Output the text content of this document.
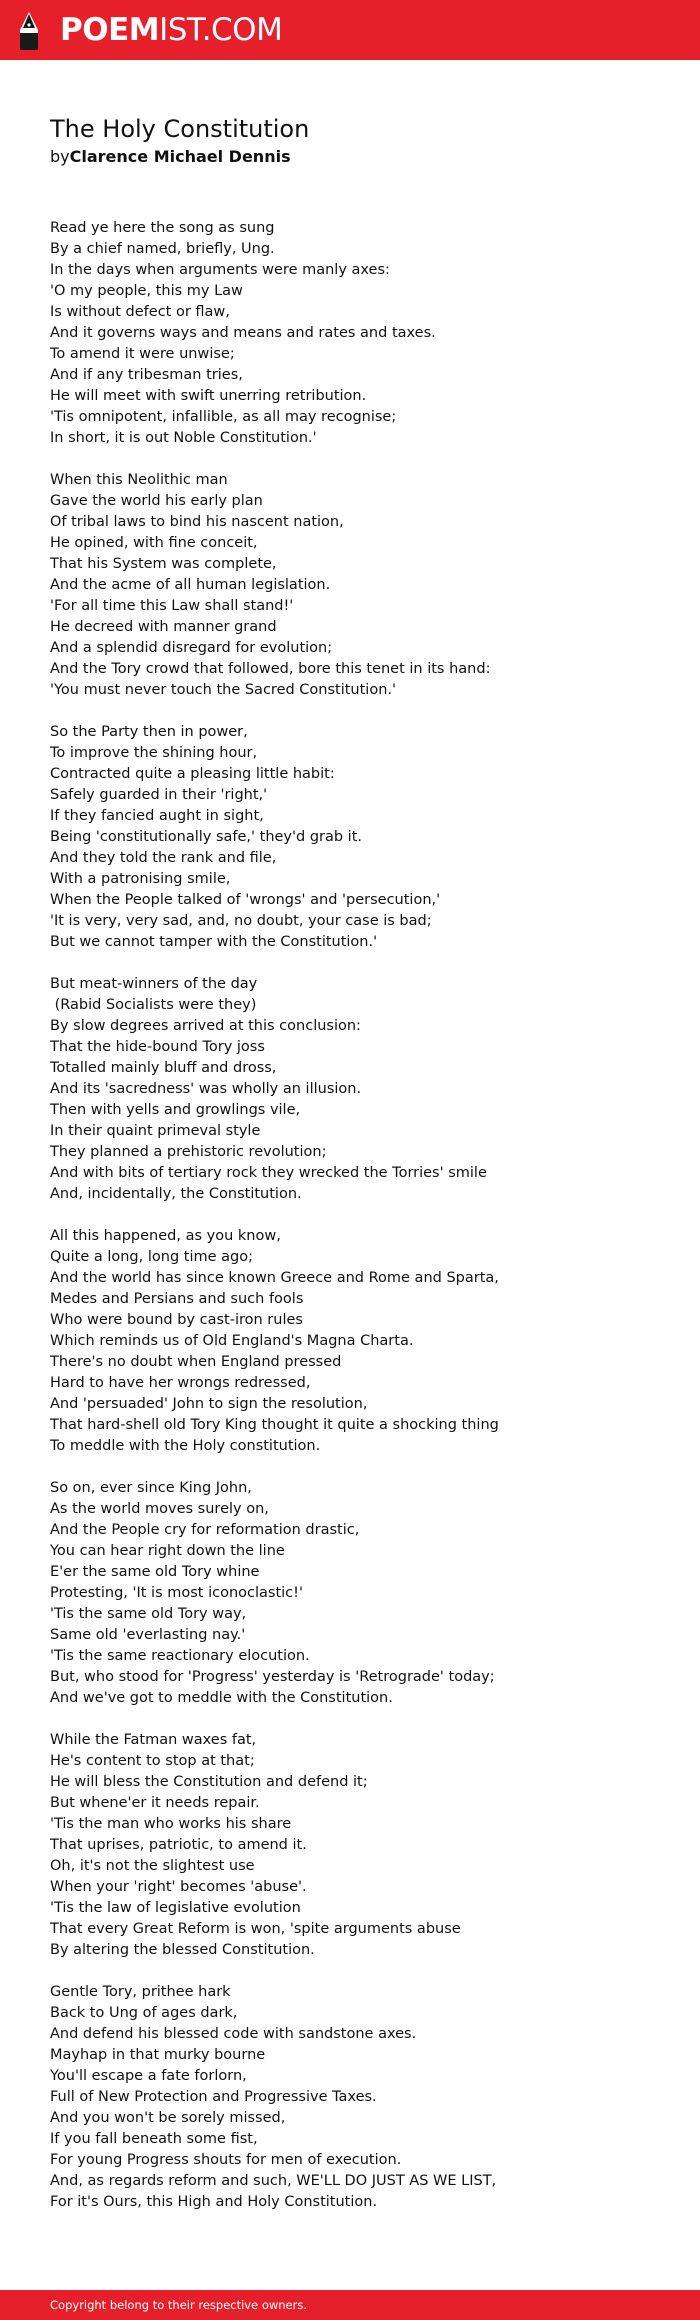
POEMIST.COM
The Holy Constitution
byClarence Michael Dennis
Read ye here the song as sung
By a chief named, briefly, Ung.
In the days when arguments were manly axes:
'O my people, this my Law
Is without defect or flaw,
And it governs ways and means and rates and taxes.
To amend it were unwise;
And if any tribesman tries,
He will meet with swift unerring retribution.
'Tis omnipotent, infallible, as all may recognise;
In short, it is out Noble Constitution.'
When this Neolithic man
Gave the world his early plan
Of tribal laws to bind his nascent nation,
He opined, with fine conceit,
That his System was complete,
And the acme of all human legislation.
'For all time this Law shall stand!'
He decreed with manner grand
And a splendid disregard for evolution;
And the Tory crowd that followed, bore this tenet in its hand:
'You must never touch the Sacred Constitution.'
So the Party then in power,
To improve the shining hour,
Contracted quite a pleasing little habit:
Safely guarded in their 'right,'
If they fancied aught in sight,
Being 'constitutionally safe,' they'd grab it.
And they told the rank and file,
With a patronising smile,
When the People talked of 'wrongs' and 'persecution,'
'It is very, very sad, and, no doubt, your case is bad;
But we cannot tamper with the Constitution.'
But meat-winners of the day
(Rabid Socialists were they)
By slow degrees arrived at this conclusion:
That the hide-bound Tory joss
Totalled mainly bluff and dross,
And its 'sacredness' was wholly an illusion.
Then with yells and growlings vile,
In their quaint primeval style
They planned a prehistoric revolution;
And with bits of tertiary rock they wrecked the Torries' smile
And, incidentally, the Constitution.
All this happened, as you know,
Quite a long, long time ago;
And the world has since known Greece and Rome and Sparta,
Medes and Persians and such fools
Who were bound by cast-iron rules
Which reminds us of Old England's Magna Charta.
There's no doubt when England pressed
Hard to have her wrongs redressed,
And 'persuaded' John to sign the resolution,
That hard-shell old Tory King thought it quite a shocking thing
To meddle with the Holy constitution.
So on, ever since King John,
As the world moves surely on,
And the People cry for reformation drastic,
You can hear right down the line
E'er the same old Tory whine
Protesting, 'It is most iconoclastic!'
'Tis the same old Tory way,
Same old 'everlasting nay.'
'Tis the same reactionary elocution.
But, who stood for 'Progress' yesterday is 'Retrograde' today;
And we've got to meddle with the Constitution.
While the Fatman waxes fat,
He's content to stop at that;
He will bless the Constitution and defend it;
But whene'er it needs repair.
'Tis the man who works his share
That uprises, patriotic, to amend it.
Oh, it's not the slightest use
When your 'right' becomes 'abuse'.
'Tis the law of legislative evolution
That every Great Reform is won, 'spite arguments abuse
By altering the blessed Constitution.
Gentle Tory, prithee hark
Back to Ung of ages dark,
And defend his blessed code with sandstone axes.
Mayhap in that murky bourne
You'll escape a fate forlorn,
Full of New Protection and Progressive Taxes.
And you won't be sorely missed,
If you fall beneath some fist,
For young Progress shouts for men of execution.
And, as regards reform and such, WE'LL DO JUST AS WE LIST,
For it's Ours, this High and Holy Constitution.
Copyright belong to their respective owners.
